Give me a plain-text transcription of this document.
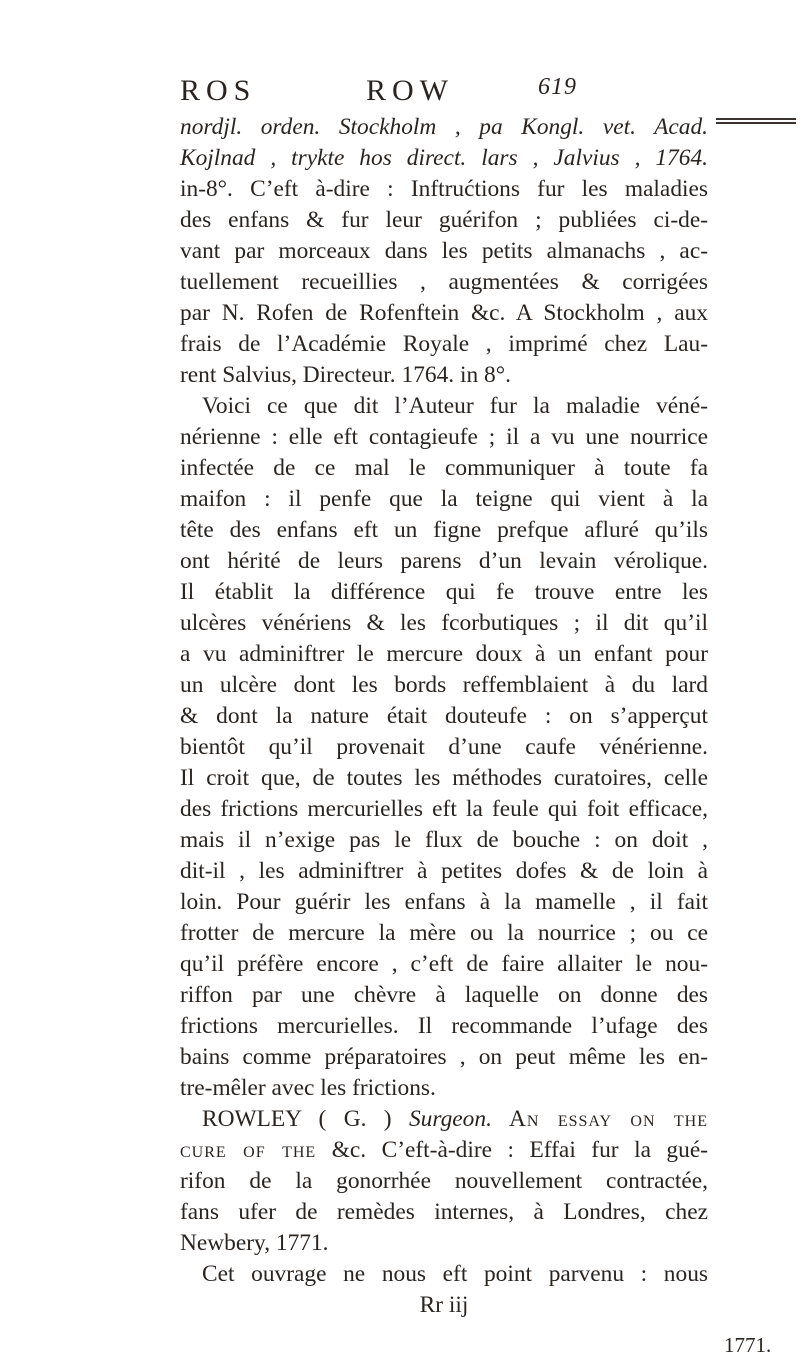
ROS	ROW	619
nordjl. orden. Stockholm , pa Kongl. vet. Acad.
Kojlnad , trykte hos direct. lars , Jalvius , 1764.
in-8°. C’eft à-dire : Inftrućtions fur les maladies
des enfans & fur leur guérifon ; publiées ci-de-
vant par morceaux dans les petits almanachs , ac-
tuellement recueillies , augmentées & corrigées
par N. Rofen de Rofenftein &c. A Stockholm , aux
frais de l’Académie Royale , imprimé chez Lau-
rent Salvius, Directeur. 1764. in 8°.
Voici ce que dit l’Auteur fur la maladie véné-
nérienne : elle eft contagieufe ; il a vu une nourrice
infectée de ce mal le communiquer à toute fa
maifon : il penfe que la teigne qui vient à la
tête des enfans eft un figne prefque afluré qu’ils
ont hérité de leurs parens d’un levain vérolique.
Il établit la différence qui fe trouve entre les
ulcères vénériens & les fcorbutiques ; il dit qu’il
a vu adminiftrer le mercure doux à un enfant pour
un ulcère dont les bords reffemblaient à du lard
& dont la nature était douteufe : on s’apperçut
bientôt qu’il provenait d’une caufe vénérienne.
Il croit que, de toutes les méthodes curatoires, celle
des frictions mercurielles eft la feule qui foit efficace,
mais il n’exige pas le flux de bouche : on doit ,
dit-il , les adminiftrer à petites dofes & de loin à
loin. Pour guérir les enfans à la mamelle , il fait
frotter de mercure la mère ou la nourrice ; ou ce
qu’il préfère encore , c’eft de faire allaiter le nou-
riffon par une chèvre à laquelle on donne des
frictions mercurielles. Il recommande l’ufage des
bains comme préparatoires , on peut même les en-
tre-mêler avec les frictions.
ROWLEY ( G. ) Surgeon. An essay on the
cure of the &c. C’eft-à-dire : Effai fur la gué-
rifon de la gonorrhée nouvellement contractée,
fans ufer de remèdes internes, à Londres, chez
Newbery, 1771.
Cet ouvrage ne nous eft point parvenu : nous
Rr iij
1771.
